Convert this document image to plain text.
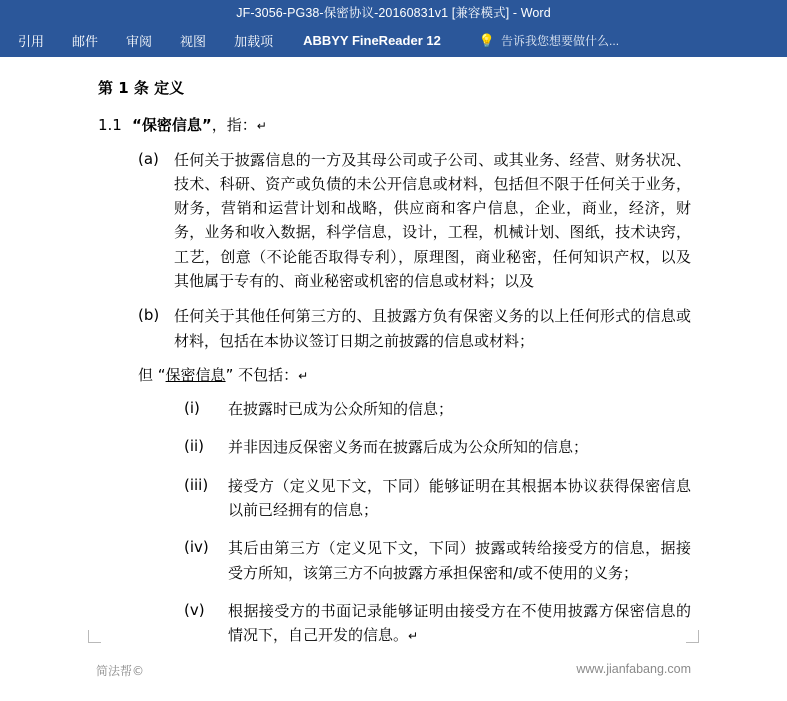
JF-3056-PG38-保密协议-20160831v1 [兼容模式] - Word
引用	邮件	审阅	视图	加载项	ABBYY FineReader 12	💡 告诉我您想要做什么...
第 1 条 定义
1.1 “保密信息”，指：↵
(a)	任何关于披露信息的一方及其母公司或子公司、或其业务、经营、财务状况、技术、科研、资产或负债的未公开信息或材料，包括但不限于任何关于业务，财务，营销和运营计划和战略，供应商和客户信息，企业，商业，经济，财务，业务和收入数据，科学信息，设计，工程，机械计划、图纸，技术诀窍，工艺，创意（不论能否取得专利），原理图，商业秘密，任何知识产权，以及其他属于专有的、商业秘密或机密的信息或材料；以及
(b) 任何关于其他任何第三方的、且披露方负有保密义务的以上任何形式的信息或材料，包括在本协议签订日期之前披露的信息或材料；
但 “保密信息” 不包括：↵
(i)	在披露时已成为公众所知的信息；
(ii)	并非因违反保密义务而在披露后成为公众所知的信息；
(iii)	接受方（定义见下文，下同）能够证明在其根据本协议获得保密信息以前已经拥有的信息；
(iv)	其后由第三方（定义见下文，下同）披露或转给接受方的信息，据接受方所知，该第三方不向披露方承担保密和/或不使用的义务；
(v)	根据接受方的书面记录能够证明由接受方在不使用披露方保密信息的情况下，自己开发的信息。↵
简法帮©	www.jianfabang.com
